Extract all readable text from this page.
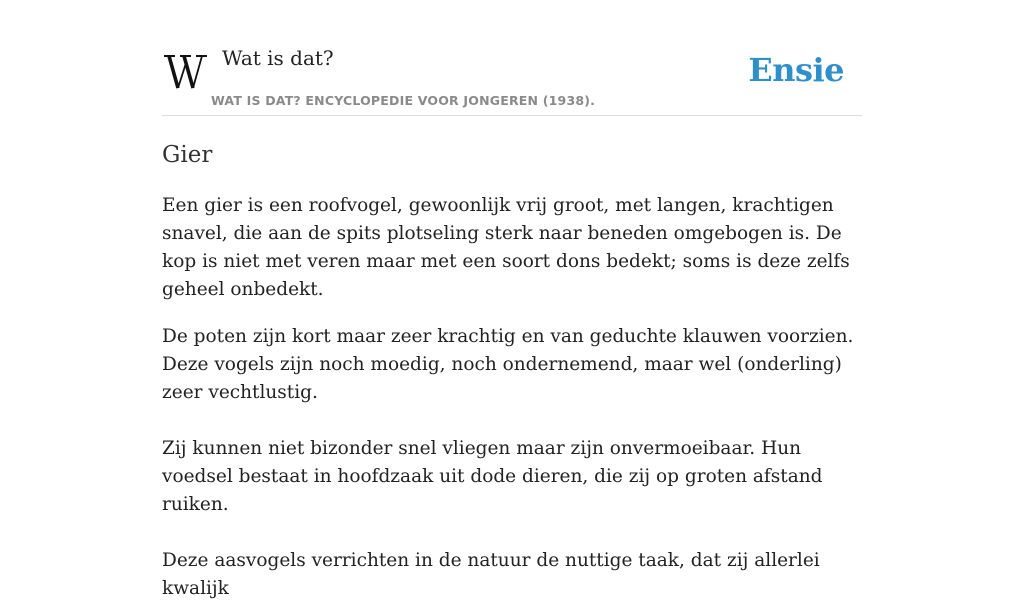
Wat is dat?
WAT IS DAT? ENCYCLOPEDIE VOOR JONGEREN (1938).
Ensie
Gier

Een gier is een roofvogel, gewoonlijk vrij groot, met langen, krachtigen snavel, die aan de spits plotseling sterk naar beneden omgebogen is. De kop is niet met veren maar met een soort dons bedekt; soms is deze zelfs geheel onbedekt.

De poten zijn kort maar zeer krachtig en van geduchte klauwen voorzien. Deze vogels zijn noch moedig, noch ondernemend, maar wel (onderling) zeer vechtlustig.

Zij kunnen niet bizonder snel vliegen maar zijn onvermoeibaar. Hun voedsel bestaat in hoofdzaak uit dode dieren, die zij op groten afstand ruiken.

Deze aasvogels verrichten in de natuur de nuttige taak, dat zij allerlei kwalijk
